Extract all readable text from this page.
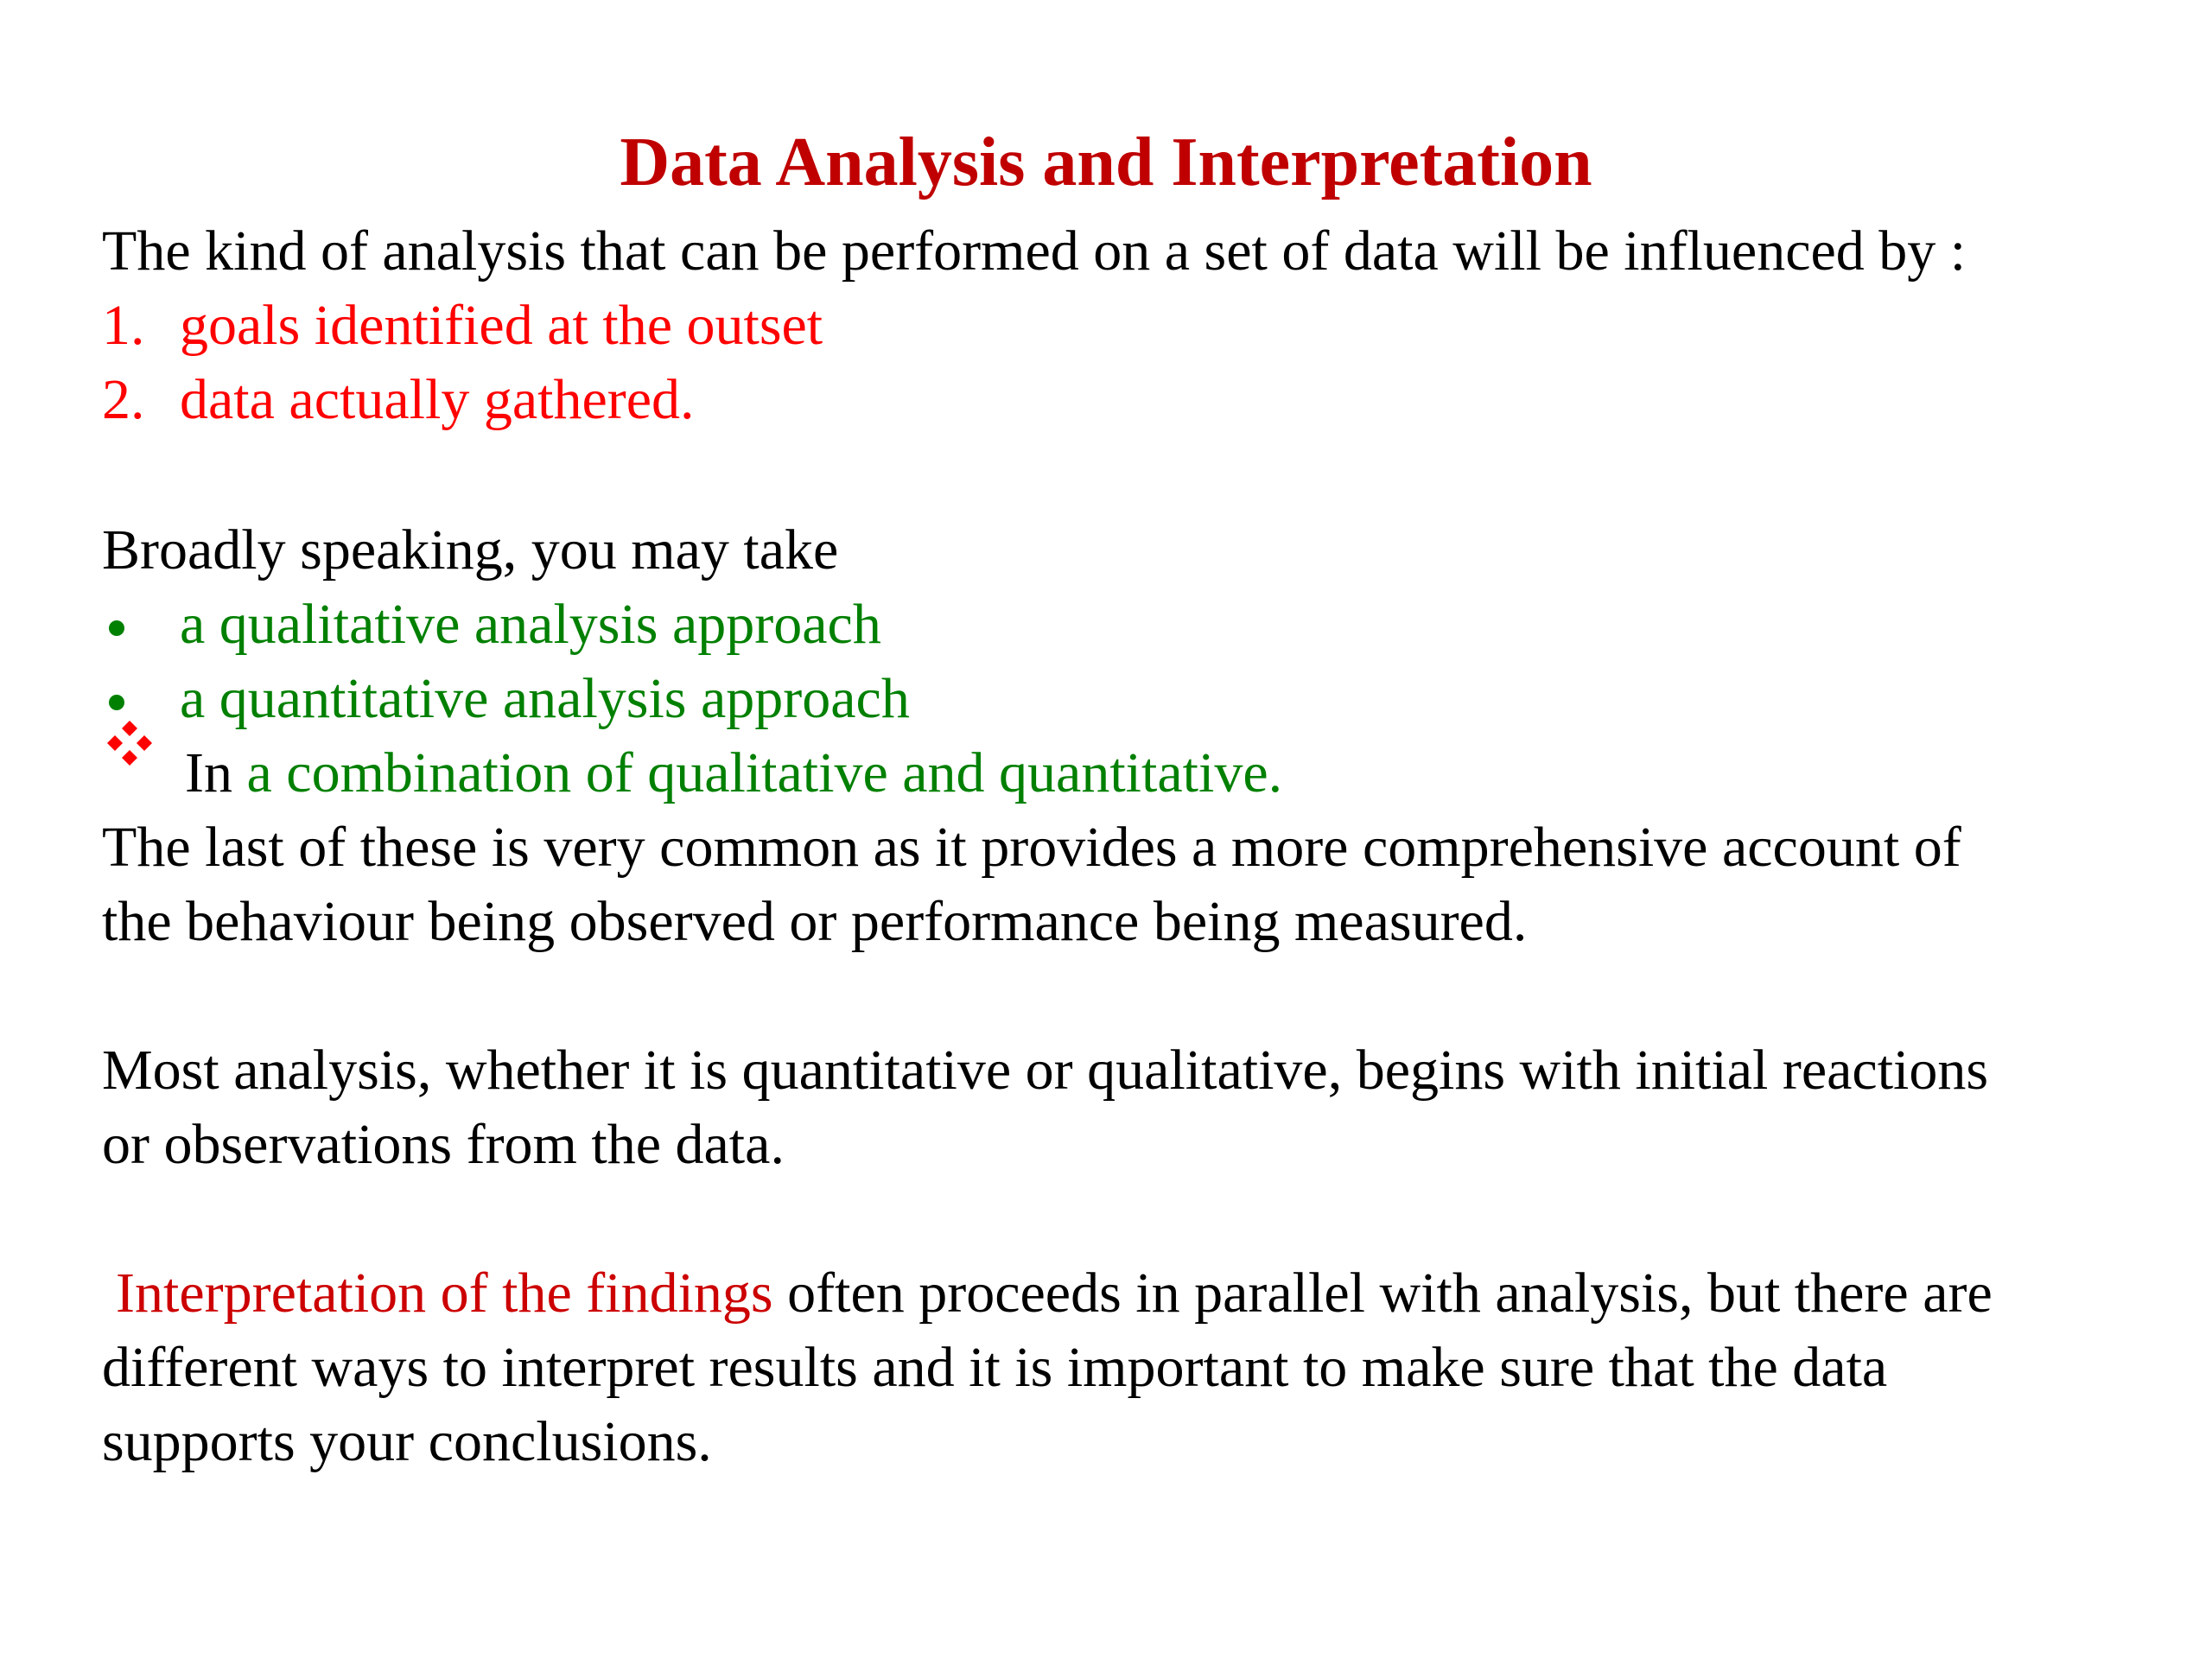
Data Analysis and Interpretation
The kind of analysis that can be performed on a set of data will be influenced by :
1. goals identified at the outset
2. data actually gathered.
Broadly speaking, you may take
a qualitative analysis approach
a quantitative analysis approach
In a combination of qualitative and quantitative.
The last of these is very common as it provides a more comprehensive account of
the behaviour being observed or performance being measured.
Most analysis, whether it is quantitative or qualitative, begins with initial reactions
or observations from the data.
Interpretation of the findings often proceeds in parallel with analysis, but there are
different ways to interpret results and it is important to make sure that the data
supports your conclusions.
